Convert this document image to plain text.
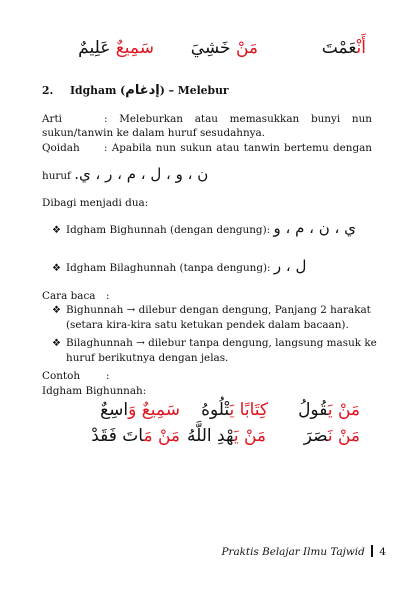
أَنْعَمْتَ
مَنْ خَشِيَ
سَمِيعٌ عَلِيمٌ
2. Idgham (إدغام) – Melebur
Arti	: Meleburkan atau memasukkan bunyi nun
sukun/tanwin ke dalam huruf sesudahnya.
Qoidah : Apabila nun sukun atau tanwin bertemu dengan
huruf ن ، و ، ل ، م ، ر ، ي.
Dibagi menjadi dua:
❖ Idgham Bighunnah (dengan dengung): ي ، ن ، م ، و
❖ Idgham Bilaghunnah (tanpa dengung): ل ، ر
Cara baca :
❖ Bighunnah → dilebur dengan dengung, Panjang 2 harakat
(setara kira-kira satu ketukan pendek dalam bacaan).
❖ Bilaghunnah → dilebur tanpa dengung, langsung masuk ke
huruf berikutnya dengan jelas.
Contoh :
Idgham Bighunnah:
مَنْ يَقُولُ
كِتَابًا يَتْلُوهُ
سَمِيعٌ وَاسِعٌ
مَنْ نَصَرَ
مَنْ يَهْدِ اللَّهُ
مَنْ مَاتَ فَقَدْ
Praktis Belajar Ilmu Tajwid 4
